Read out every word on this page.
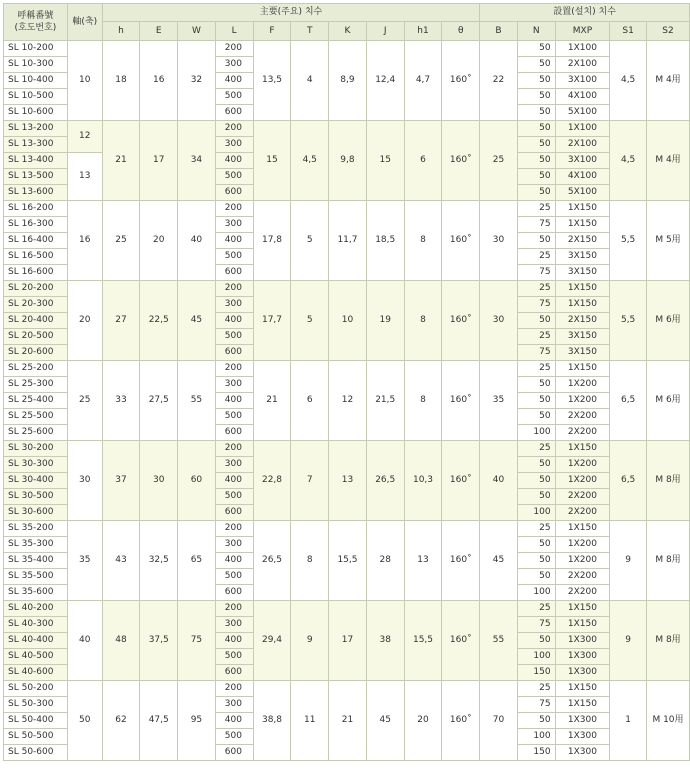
呼稱番號
(호도번호)	軸(축)	主要(주요) 치수										設置(설치) 치수				
		h	E	W	L	F	T	K	J	h1	θ	B	N	MXP	S1	S2
SL 10-200	10	18	16	32	200	13,5	4	8,9	12,4	4,7	160˚	22	50	1X100	4,5	M 4用
SL 10-300					300								50	2X100		
SL 10-400					400								50	3X100		
SL 10-500					500								50	4X100		
SL 10-600					600								50	5X100		
SL 13-200	12	21	17	34	200	15	4,5	9,8	15	6	160˚	25	50	1X100	4,5	M 4用
SL 13-300					300								50	2X100		
SL 13-400	13				400								50	3X100		
SL 13-500					500								50	4X100		
SL 13-600					600								50	5X100		
SL 16-200	16	25	20	40	200	17,8	5	11,7	18,5	8	160˚	30	25	1X150	5,5	M 5用
SL 16-300					300								75	1X150		
SL 16-400					400								50	2X150		
SL 16-500					500								25	3X150		
SL 16-600					600								75	3X150		
SL 20-200	20	27	22,5	45	200	17,7	5	10	19	8	160˚	30	25	1X150	5,5	M 6用
SL 20-300					300								75	1X150		
SL 20-400					400								50	2X150		
SL 20-500					500								25	3X150		
SL 20-600					600								75	3X150		
SL 25-200	25	33	27,5	55	200	21	6	12	21,5	8	160˚	35	25	1X150	6,5	M 6用
SL 25-300					300								50	1X200		
SL 25-400					400								50	1X200		
SL 25-500					500								50	2X200		
SL 25-600					600								100	2X200		
SL 30-200	30	37	30	60	200	22,8	7	13	26,5	10,3	160˚	40	25	1X150	6,5	M 8用
SL 30-300					300								50	1X200		
SL 30-400					400								50	1X200		
SL 30-500					500								50	2X200		
SL 30-600					600								100	2X200		
SL 35-200	35	43	32,5	65	200	26,5	8	15,5	28	13	160˚	45	25	1X150	9	M 8用
SL 35-300					300								50	1X200		
SL 35-400					400								50	1X200		
SL 35-500					500								50	2X200		
SL 35-600					600								100	2X200		
SL 40-200	40	48	37,5	75	200	29,4	9	17	38	15,5	160˚	55	25	1X150	9	M 8用
SL 40-300					300								75	1X150		
SL 40-400					400								50	1X300		
SL 40-500					500								100	1X300		
SL 40-600					600								150	1X300		
SL 50-200	50	62	47,5	95	200	38,8	11	21	45	20	160˚	70	25	1X150	1	M 10用
SL 50-300					300								75	1X150		
SL 50-400					400								50	1X300		
SL 50-500					500								100	1X300		
SL 50-600					600								150	1X300		
